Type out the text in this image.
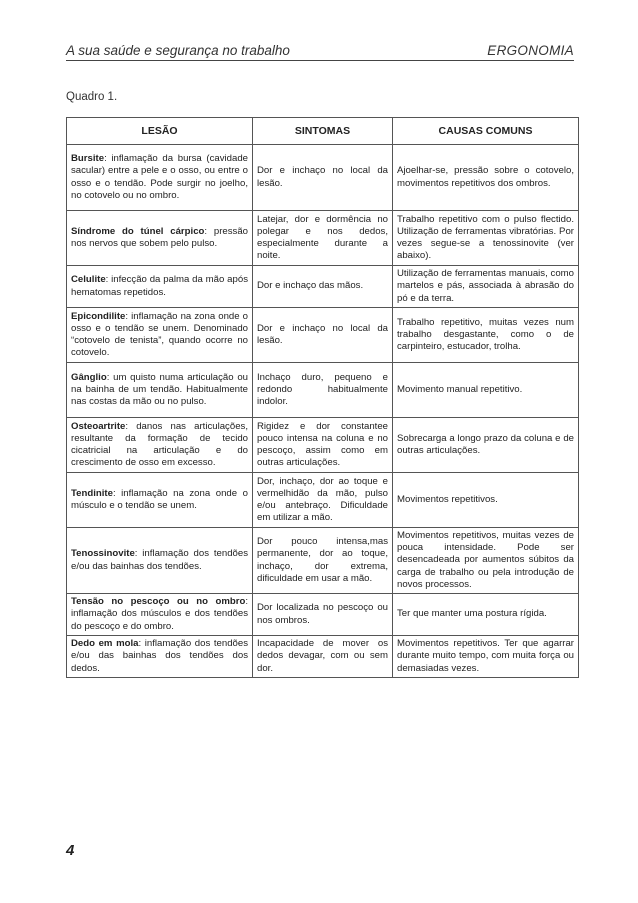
A sua saúde e segurança no trabalho	ERGONOMIA
Quadro 1.
LESÃO	SINTOMAS	CAUSAS COMUNS
Bursite: inflamação da bursa (cavidade sacular) entre a pele e o osso, ou entre o osso e o tendão. Pode surgir no joelho, no cotovelo ou no ombro.	Dor e inchaço no local da lesão.	Ajoelhar-se, pressão sobre o cotovelo, movimentos repetitivos dos ombros.
Síndrome do túnel cárpico: pressão nos nervos que sobem pelo pulso.	Latejar, dor e dormência no polegar e nos dedos, especialmente durante a noite.	Trabalho repetitivo com o pulso flectido. Utilização de ferramentas vibratórias. Por vezes segue-se a tenossinovite (ver abaixo).
Celulite: infecção da palma da mão após hematomas repetidos.	Dor e inchaço das mãos.	Utilização de ferramentas manuais, como martelos e pás, associada à abrasão do pó e da terra.
Epicondilite: inflamação na zona onde o osso e o tendão se unem. Denominado “cotovelo de tenista”, quando ocorre no cotovelo.	Dor e inchaço no local da lesão.	Trabalho repetitivo, muitas vezes num trabalho desgastante, como o de carpinteiro, estucador, trolha.
Gânglio: um quisto numa articulação ou na bainha de um tendão. Habitualmente nas costas da mão ou no pulso.	Inchaço duro, pequeno e redondo habitualmente indolor.	Movimento manual repetitivo.
Osteoartrite: danos nas articulações, resultante da formação de tecido cicatricial na articulação e do crescimento de osso em excesso.	Rigidez e dor constantee pouco intensa na coluna e no pescoço, assim como em outras articulações.	Sobrecarga a longo prazo da coluna e de outras articulações.
Tendinite: inflamação na zona onde o músculo e o tendão se unem.	Dor, inchaço, dor ao toque e vermelhidão da mão, pulso e/ou antebraço. Dificuldade em utilizar a mão.	Movimentos repetitivos.
Tenossinovite: inflamação dos tendões e/ou das bainhas dos tendões.	Dor pouco intensa,mas permanente, dor ao toque, inchaço, dor extrema, dificuldade em usar a mão.	Movimentos repetitivos, muitas vezes de pouca intensidade. Pode ser desencadeada por aumentos súbitos da carga de trabalho ou pela introdução de novos processos.
Tensão no pescoço ou no ombro: inflamação dos músculos e dos tendões do pescoço e do ombro.	Dor localizada no pescoço ou nos ombros.	Ter que manter uma postura rígida.
Dedo em mola: inflamação dos tendões e/ou das bainhas dos tendões dos dedos.	Incapacidade de mover os dedos devagar, com ou sem dor.	Movimentos repetitivos. Ter que agarrar durante muito tempo, com muita força ou demasiadas vezes.
4
